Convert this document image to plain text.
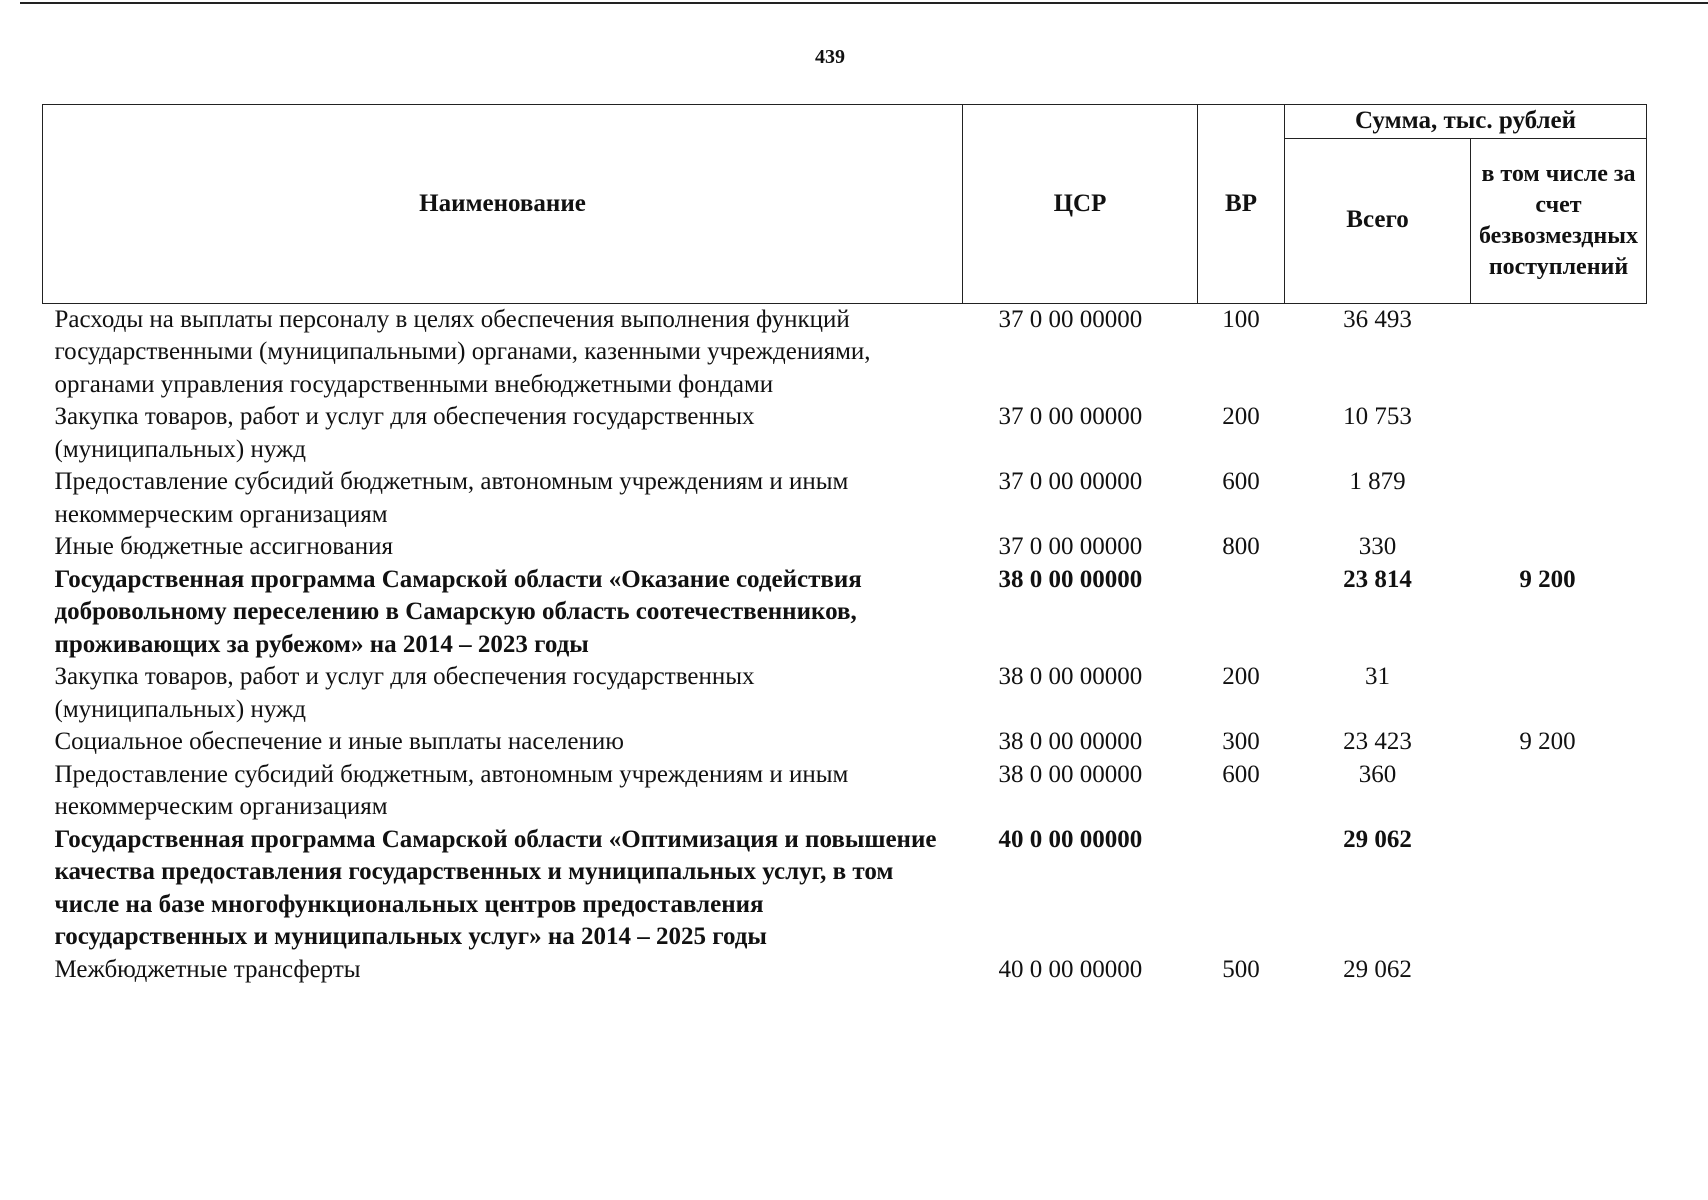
439
Наименование	ЦСР	ВР	Сумма, тыс. рублей	
			Всего	в том числе за счет безвозмездных поступлений
Расходы на выплаты персоналу в целях обеспечения выполнения функций государственными (муниципальными) органами, казенными учреждениями, органами управления государственными внебюджетными фондами	37 0 00 00000	100	36 493	
Закупка товаров, работ и услуг для обеспечения государственных (муниципальных) нужд	37 0 00 00000	200	10 753	
Предоставление субсидий бюджетным, автономным учреждениям и иным некоммерческим организациям	37 0 00 00000	600	1 879	
Иные бюджетные ассигнования	37 0 00 00000	800	330	
Государственная программа Самарской области «Оказание содействия добровольному переселению в Самарскую область соотечественников, проживающих за рубежом» на 2014 – 2023 годы	38 0 00 00000		23 814	9 200
Закупка товаров, работ и услуг для обеспечения государственных (муниципальных) нужд	38 0 00 00000	200	31	
Социальное обеспечение и иные выплаты населению	38 0 00 00000	300	23 423	9 200
Предоставление субсидий бюджетным, автономным учреждениям и иным некоммерческим организациям	38 0 00 00000	600	360	
Государственная программа Самарской области «Оптимизация и повышение качества предоставления государственных и муниципальных услуг, в том числе на базе многофункциональных центров предоставления государственных и муниципальных услуг» на 2014 – 2025 годы	40 0 00 00000		29 062	
Межбюджетные трансферты	40 0 00 00000	500	29 062	
